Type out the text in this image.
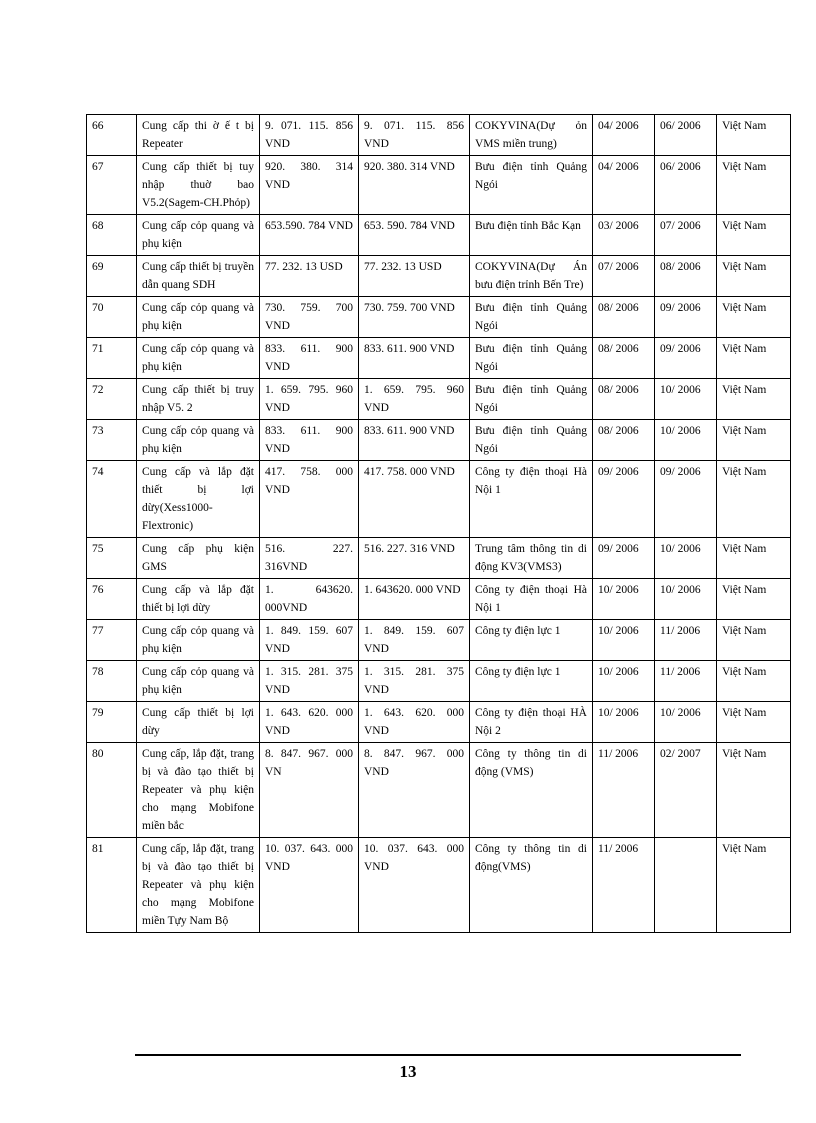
66	Cung cấp thi ờ ế t bị Repeater	9. 071. 115. 856 VND	9. 071. 115. 856 VND	COKYVINA(Dự ỏn VMS miền trung)	04/ 2006	06/ 2006	Việt Nam
67	Cung cấp thiết bị tuy nhập thuờ bao V5.2(Sagem-CH.Phỏp)	920. 380. 314 VND	920. 380. 314 VND	Bưu điện tỉnh Quảng Ngói	04/ 2006	06/ 2006	Việt Nam
68	Cung cấp cỏp quang và phụ kiện	653.590. 784 VND	653. 590. 784 VND	Bưu điện tỉnh Bắc Kạn	03/ 2006	07/ 2006	Việt Nam
69	Cung cấp thiết bị truyền dẫn quang SDH	77. 232. 13 USD	77. 232. 13 USD	COKYVINA(Dự Án bưu điện trỉnh Bến Tre)	07/ 2006	08/ 2006	Việt Nam
70	Cung cấp cỏp quang và phụ kiện	730. 759. 700 VND	730. 759. 700 VND	Bưu điện tỉnh Quảng Ngói	08/ 2006	09/ 2006	Việt Nam
71	Cung cấp cỏp quang và phụ kiện	833. 611. 900 VND	833. 611. 900 VND	Bưu điện tỉnh Quảng Ngói	08/ 2006	09/ 2006	Việt Nam
72	Cung cấp thiết bị truy nhập V5. 2	1. 659. 795. 960 VND	1. 659. 795. 960 VND	Bưu điện tỉnh Quảng Ngói	08/ 2006	10/ 2006	Việt Nam
73	Cung cấp cỏp quang và phụ kiện	833. 611. 900 VND	833. 611. 900 VND	Bưu điện tỉnh Quảng Ngói	08/ 2006	10/ 2006	Việt Nam
74	Cung cấp và lắp đặt thiết bị lợi dừy(Xess1000-Flextronic)	417. 758. 000 VND	417. 758. 000 VND	Công ty điện thoại Hà Nội 1	09/ 2006	09/ 2006	Việt Nam
75	Cung cấp phụ kiện GMS	516. 227. 316VND	516. 227. 316 VND	Trung tâm thông tin di động KV3(VMS3)	09/ 2006	10/ 2006	Việt Nam
76	Cung cấp và lắp đặt thiết bị lợi dừy	1. 643620. 000VND	1. 643620. 000 VND	Công ty điện thoại Hà Nội 1	10/ 2006	10/ 2006	Việt Nam
77	Cung cấp cỏp quang và phụ kiện	1. 849. 159. 607 VND	1. 849. 159. 607 VND	Công ty điện lực 1	10/ 2006	11/ 2006	Việt Nam
78	Cung cấp cỏp quang và phụ kiện	1. 315. 281. 375 VND	1. 315. 281. 375 VND	Công ty điện lực 1	10/ 2006	11/ 2006	Việt Nam
79	Cung cấp thiết bị lợi dừy	1. 643. 620. 000 VND	1. 643. 620. 000 VND	Công ty điện thoại HÀ Nội 2	10/ 2006	10/ 2006	Việt Nam
80	Cung cấp, lắp đặt, trang bị và đào tạo thiết bị Repeater và phụ kiện cho mạng Mobifone miền bắc	8. 847. 967. 000 VN	8. 847. 967. 000 VND	Công ty thông tin di động (VMS)	11/ 2006	02/ 2007	Việt Nam
81	Cung cấp, lắp đặt, trang bị và đào tạo thiết bị Repeater và phụ kiện cho mạng Mobifone miền Tựy Nam Bộ	10. 037. 643. 000 VND	10. 037. 643. 000 VND	Công ty thông tin di động(VMS)	11/ 2006		Việt Nam
13
